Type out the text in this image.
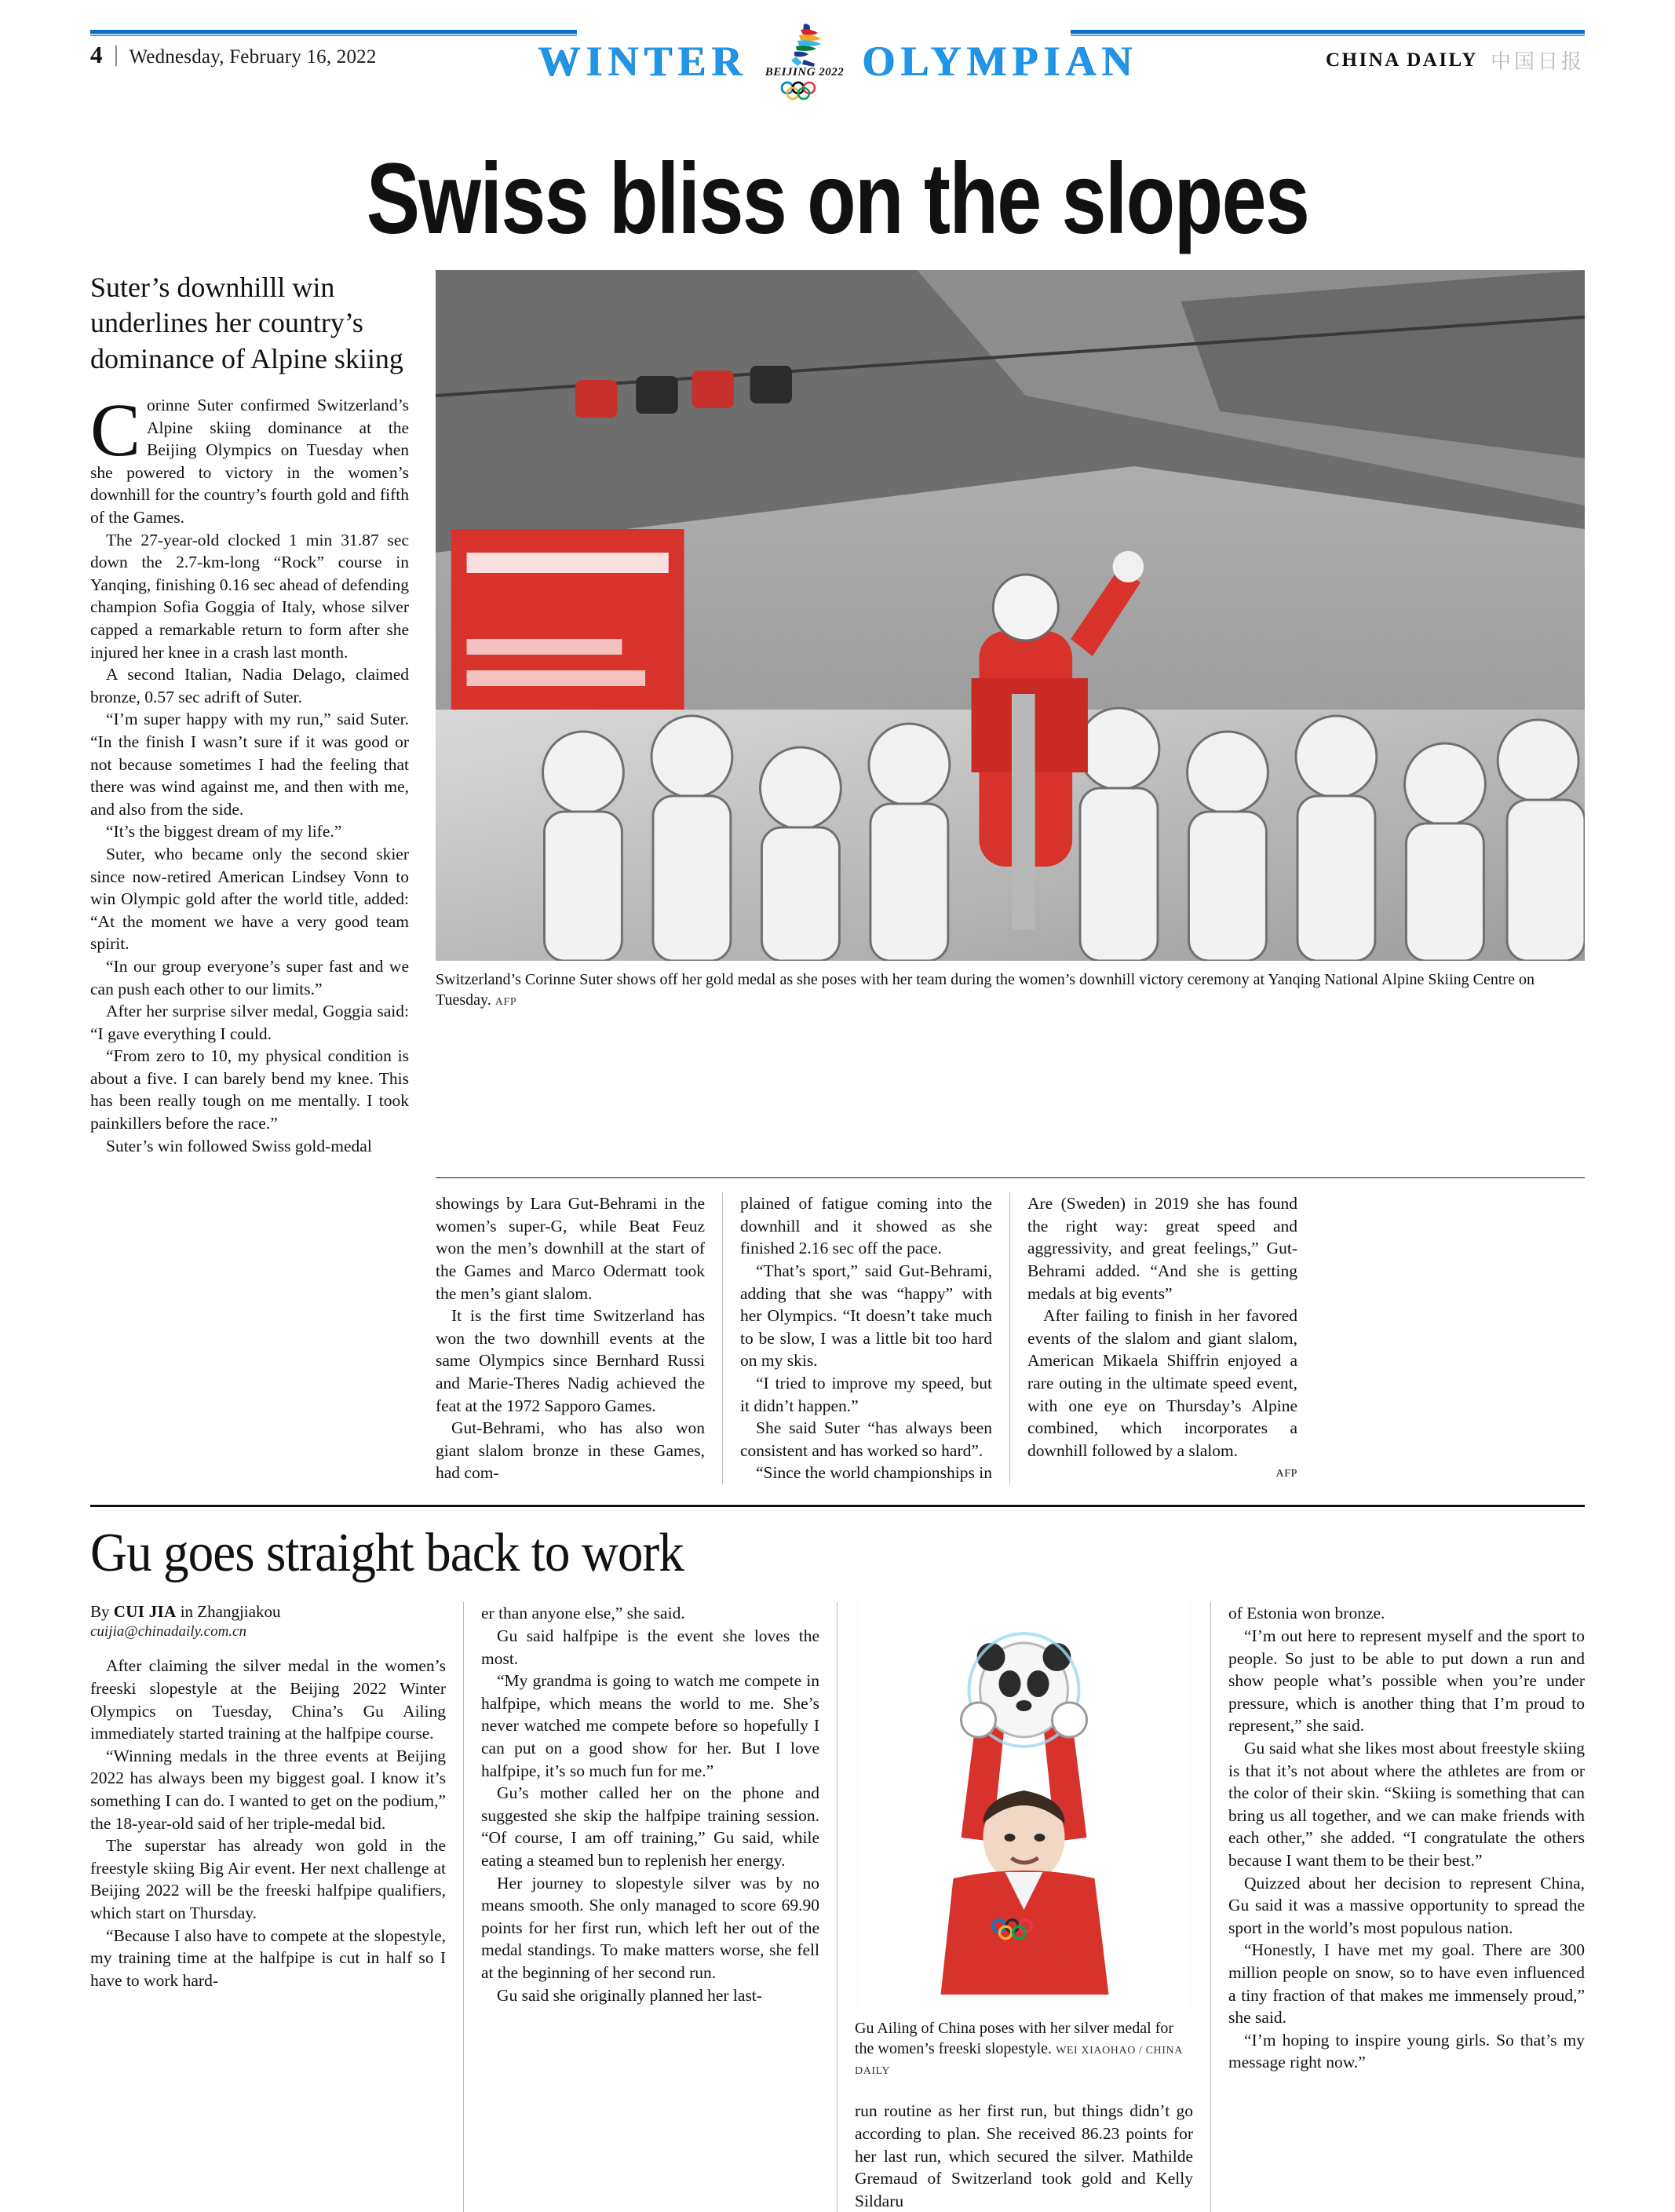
4 Wednesday, February 16, 2022	WINTER BEIJING 2022 OLYMPIAN	CHINA DAILY 中国日报
Swiss bliss on the slopes
Suter’s downhilll win underlines her country’s dominance of Alpine skiing

Corinne Suter confirmed Switzerland’s Alpine skiing dominance at the Beijing Olympics on Tuesday when she powered to victory in the women’s downhill for the country’s fourth gold and fifth of the Games.

The 27-year-old clocked 1 min 31.87 sec down the 2.7-km-long “Rock” course in Yanqing, finishing 0.16 sec ahead of defending champion Sofia Goggia of Italy, whose silver capped a remarkable return to form after she injured her knee in a crash last month.

A second Italian, Nadia Delago, claimed bronze, 0.57 sec adrift of Suter.

“I’m super happy with my run,” said Suter. “In the finish I wasn’t sure if it was good or not because sometimes I had the feeling that there was wind against me, and then with me, and also from the side.

“It’s the biggest dream of my life.”

Suter, who became only the second skier since now-retired American Lindsey Vonn to win Olympic gold after the world title, added: “At the moment we have a very good team spirit.

“In our group everyone’s super fast and we can push each other to our limits.”

After her surprise silver medal, Goggia said: “I gave everything I could.

“From zero to 10, my physical condition is about a five. I can barely bend my knee. This has been really tough on me mentally. I took painkillers before the race.”

Suter’s win followed Swiss gold-medal

Switzerland’s Corinne Suter shows off her gold medal as she poses with her team during the women’s downhill victory ceremony at Yanqing National Alpine Skiing Centre on Tuesday. AFP

showings by Lara Gut-Behrami in the women’s super-G, while Beat Feuz won the men’s downhill at the start of the Games and Marco Odermatt took the men’s giant slalom.

It is the first time Switzerland has won the two downhill events at the same Olympics since Bernhard Russi and Marie-Theres Nadig achieved the feat at the 1972 Sapporo Games.

Gut-Behrami, who has also won giant slalom bronze in these Games, had com-

plained of fatigue coming into the downhill and it showed as she finished 2.16 sec off the pace.

“That’s sport,” said Gut-Behrami, adding that she was “happy” with her Olympics. “It doesn’t take much to be slow, I was a little bit too hard on my skis.

“I tried to improve my speed, but it didn’t happen.”

She said Suter “has always been consistent and has worked so hard”.

“Since the world championships in

Are (Sweden) in 2019 she has found the right way: great speed and aggressivity, and great feelings,” Gut-Behrami added. “And she is getting medals at big events”

After failing to finish in her favored events of the slalom and giant slalom, American Mikaela Shiffrin enjoyed a rare outing in the ultimate speed event, with one eye on Thursday’s Alpine combined, which incorporates a downhill followed by a slalom.

AFP
Gu goes straight back to work
By CUI JIA in Zhangjiakou
cuijia@chinadaily.com.cn

After claiming the silver medal in the women’s freeski slopestyle at the Beijing 2022 Winter Olympics on Tuesday, China’s Gu Ailing immediately started training at the halfpipe course.

“Winning medals in the three events at Beijing 2022 has always been my biggest goal. I know it’s something I can do. I wanted to get on the podium,” the 18-year-old said of her triple-medal bid.

The superstar has already won gold in the freestyle skiing Big Air event. Her next challenge at Beijing 2022 will be the freeski halfpipe qualifiers, which start on Thursday.

“Because I also have to compete at the slopestyle, my training time at the halfpipe is cut in half so I have to work hard-

er than anyone else,” she said.

Gu said halfpipe is the event she loves the most.

“My grandma is going to watch me compete in halfpipe, which means the world to me. She’s never watched me compete before so hopefully I can put on a good show for her. But I love halfpipe, it’s so much fun for me.”

Gu’s mother called her on the phone and suggested she skip the halfpipe training session. “Of course, I am off training,” Gu said, while eating a steamed bun to replenish her energy.

Her journey to slopestyle silver was by no means smooth. She only managed to score 69.90 points for her first run, which left her out of the medal standings. To make matters worse, she fell at the beginning of her second run.

Gu said she originally planned her last-

BEIJING 2022
Gu Ailing of China poses with her silver medal for the women’s freeski slopestyle. WEI XIAOHAO / CHINA DAILY

run routine as her first run, but things didn’t go according to plan. She received 86.23 points for her last run, which secured the silver. Mathilde Gremaud of Switzerland took gold and Kelly Sildaru

of Estonia won bronze.

“I’m out here to represent myself and the sport to people. So just to be able to put down a run and show people what’s possible when you’re under pressure, which is another thing that I’m proud to represent,” she said.

Gu said what she likes most about freestyle skiing is that it’s not about where the athletes are from or the color of their skin. “Skiing is something that can bring us all together, and we can make friends with each other,” she added. “I congratulate the others because I want them to be their best.”

Quizzed about her decision to represent China, Gu said it was a massive opportunity to spread the sport in the world’s most populous nation.

“Honestly, I have met my goal. There are 300 million people on snow, so to have even influenced a tiny fraction of that makes me immensely proud,” she said.

“I’m hoping to inspire young girls. So that’s my message right now.”
